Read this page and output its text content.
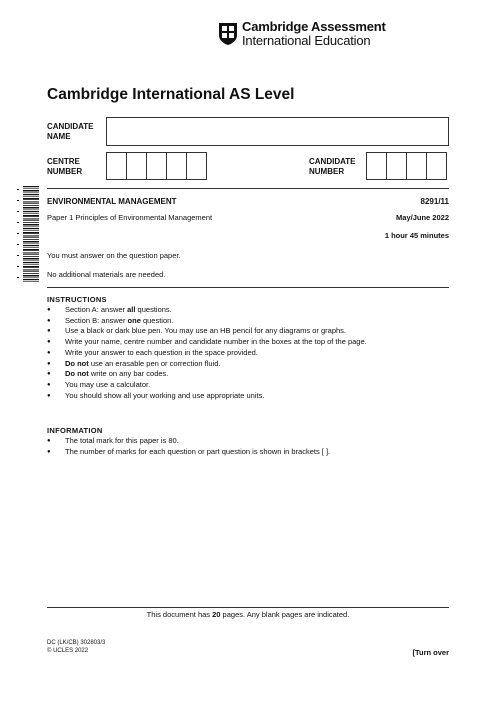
Cambridge Assessment
International Education
Cambridge International AS Level
CANDIDATE
NAME
CENTRE
NUMBER
CANDIDATE
NUMBER
ENVIRONMENTAL MANAGEMENT	8291/11
Paper 1 Principles of Environmental Management	May/June 2022
1 hour 45 minutes
You must answer on the question paper.
No additional materials are needed.
INSTRUCTIONS
● Section A: answer all questions.
● Section B: answer one question.
● Use a black or dark blue pen. You may use an HB pencil for any diagrams or graphs.
● Write your name, centre number and candidate number in the boxes at the top of the page.
● Write your answer to each question in the space provided.
● Do not use an erasable pen or correction fluid.
● Do not write on any bar codes.
● You may use a calculator.
● You should show all your working and use appropriate units.
INFORMATION
● The total mark for this paper is 80.
● The number of marks for each question or part question is shown in brackets [ ].
This document has 20 pages. Any blank pages are indicated.
DC (LK/CB) 302803/3
© UCLES 2022	[Turn over
